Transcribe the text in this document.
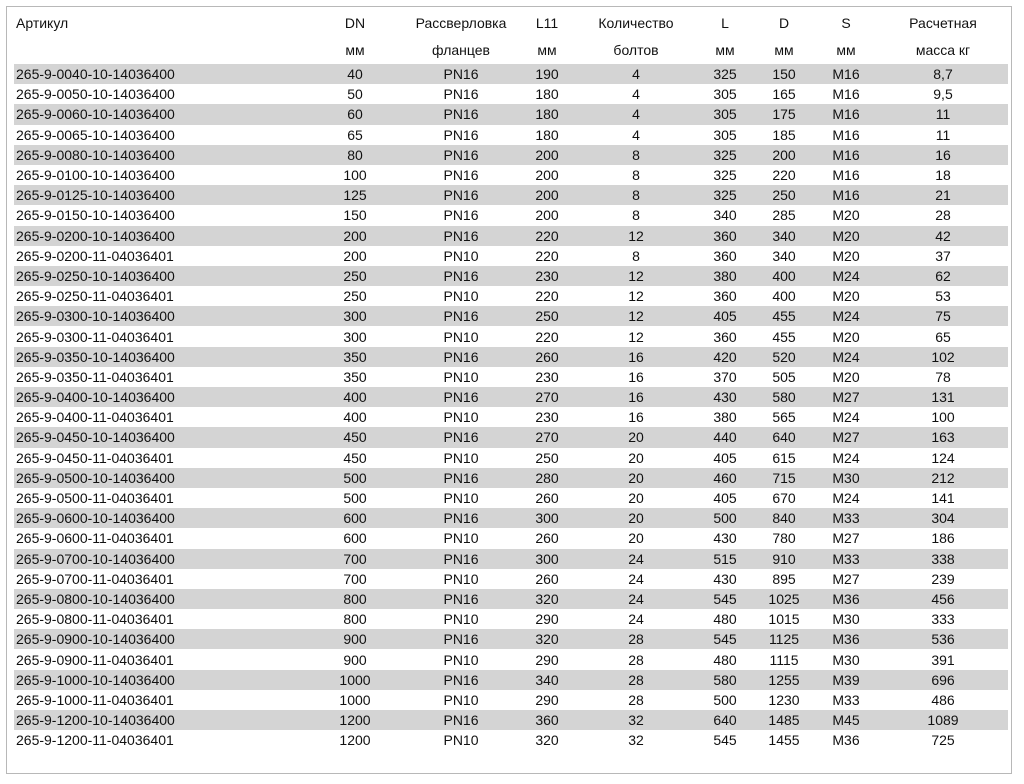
Артикул	DN	Рассверловка	L11	Количество	L	D	S	Расчетная
	мм	фланцев	мм	болтов	мм	мм	мм	масса кг
265-9-0040-10-14036400	40	PN16	190	4	325	150	M16	8,7
265-9-0050-10-14036400	50	PN16	180	4	305	165	M16	9,5
265-9-0060-10-14036400	60	PN16	180	4	305	175	M16	11
265-9-0065-10-14036400	65	PN16	180	4	305	185	M16	11
265-9-0080-10-14036400	80	PN16	200	8	325	200	M16	16
265-9-0100-10-14036400	100	PN16	200	8	325	220	M16	18
265-9-0125-10-14036400	125	PN16	200	8	325	250	M16	21
265-9-0150-10-14036400	150	PN16	200	8	340	285	M20	28
265-9-0200-10-14036400	200	PN16	220	12	360	340	M20	42
265-9-0200-11-04036401	200	PN10	220	8	360	340	M20	37
265-9-0250-10-14036400	250	PN16	230	12	380	400	M24	62
265-9-0250-11-04036401	250	PN10	220	12	360	400	M20	53
265-9-0300-10-14036400	300	PN16	250	12	405	455	M24	75
265-9-0300-11-04036401	300	PN10	220	12	360	455	M20	65
265-9-0350-10-14036400	350	PN16	260	16	420	520	M24	102
265-9-0350-11-04036401	350	PN10	230	16	370	505	M20	78
265-9-0400-10-14036400	400	PN16	270	16	430	580	M27	131
265-9-0400-11-04036401	400	PN10	230	16	380	565	M24	100
265-9-0450-10-14036400	450	PN16	270	20	440	640	M27	163
265-9-0450-11-04036401	450	PN10	250	20	405	615	M24	124
265-9-0500-10-14036400	500	PN16	280	20	460	715	M30	212
265-9-0500-11-04036401	500	PN10	260	20	405	670	M24	141
265-9-0600-10-14036400	600	PN16	300	20	500	840	M33	304
265-9-0600-11-04036401	600	PN10	260	20	430	780	M27	186
265-9-0700-10-14036400	700	PN16	300	24	515	910	M33	338
265-9-0700-11-04036401	700	PN10	260	24	430	895	M27	239
265-9-0800-10-14036400	800	PN16	320	24	545	1025	M36	456
265-9-0800-11-04036401	800	PN10	290	24	480	1015	M30	333
265-9-0900-10-14036400	900	PN16	320	28	545	1125	M36	536
265-9-0900-11-04036401	900	PN10	290	28	480	1115	M30	391
265-9-1000-10-14036400	1000	PN16	340	28	580	1255	M39	696
265-9-1000-11-04036401	1000	PN10	290	28	500	1230	M33	486
265-9-1200-10-14036400	1200	PN16	360	32	640	1485	M45	1089
265-9-1200-11-04036401	1200	PN10	320	32	545	1455	M36	725
